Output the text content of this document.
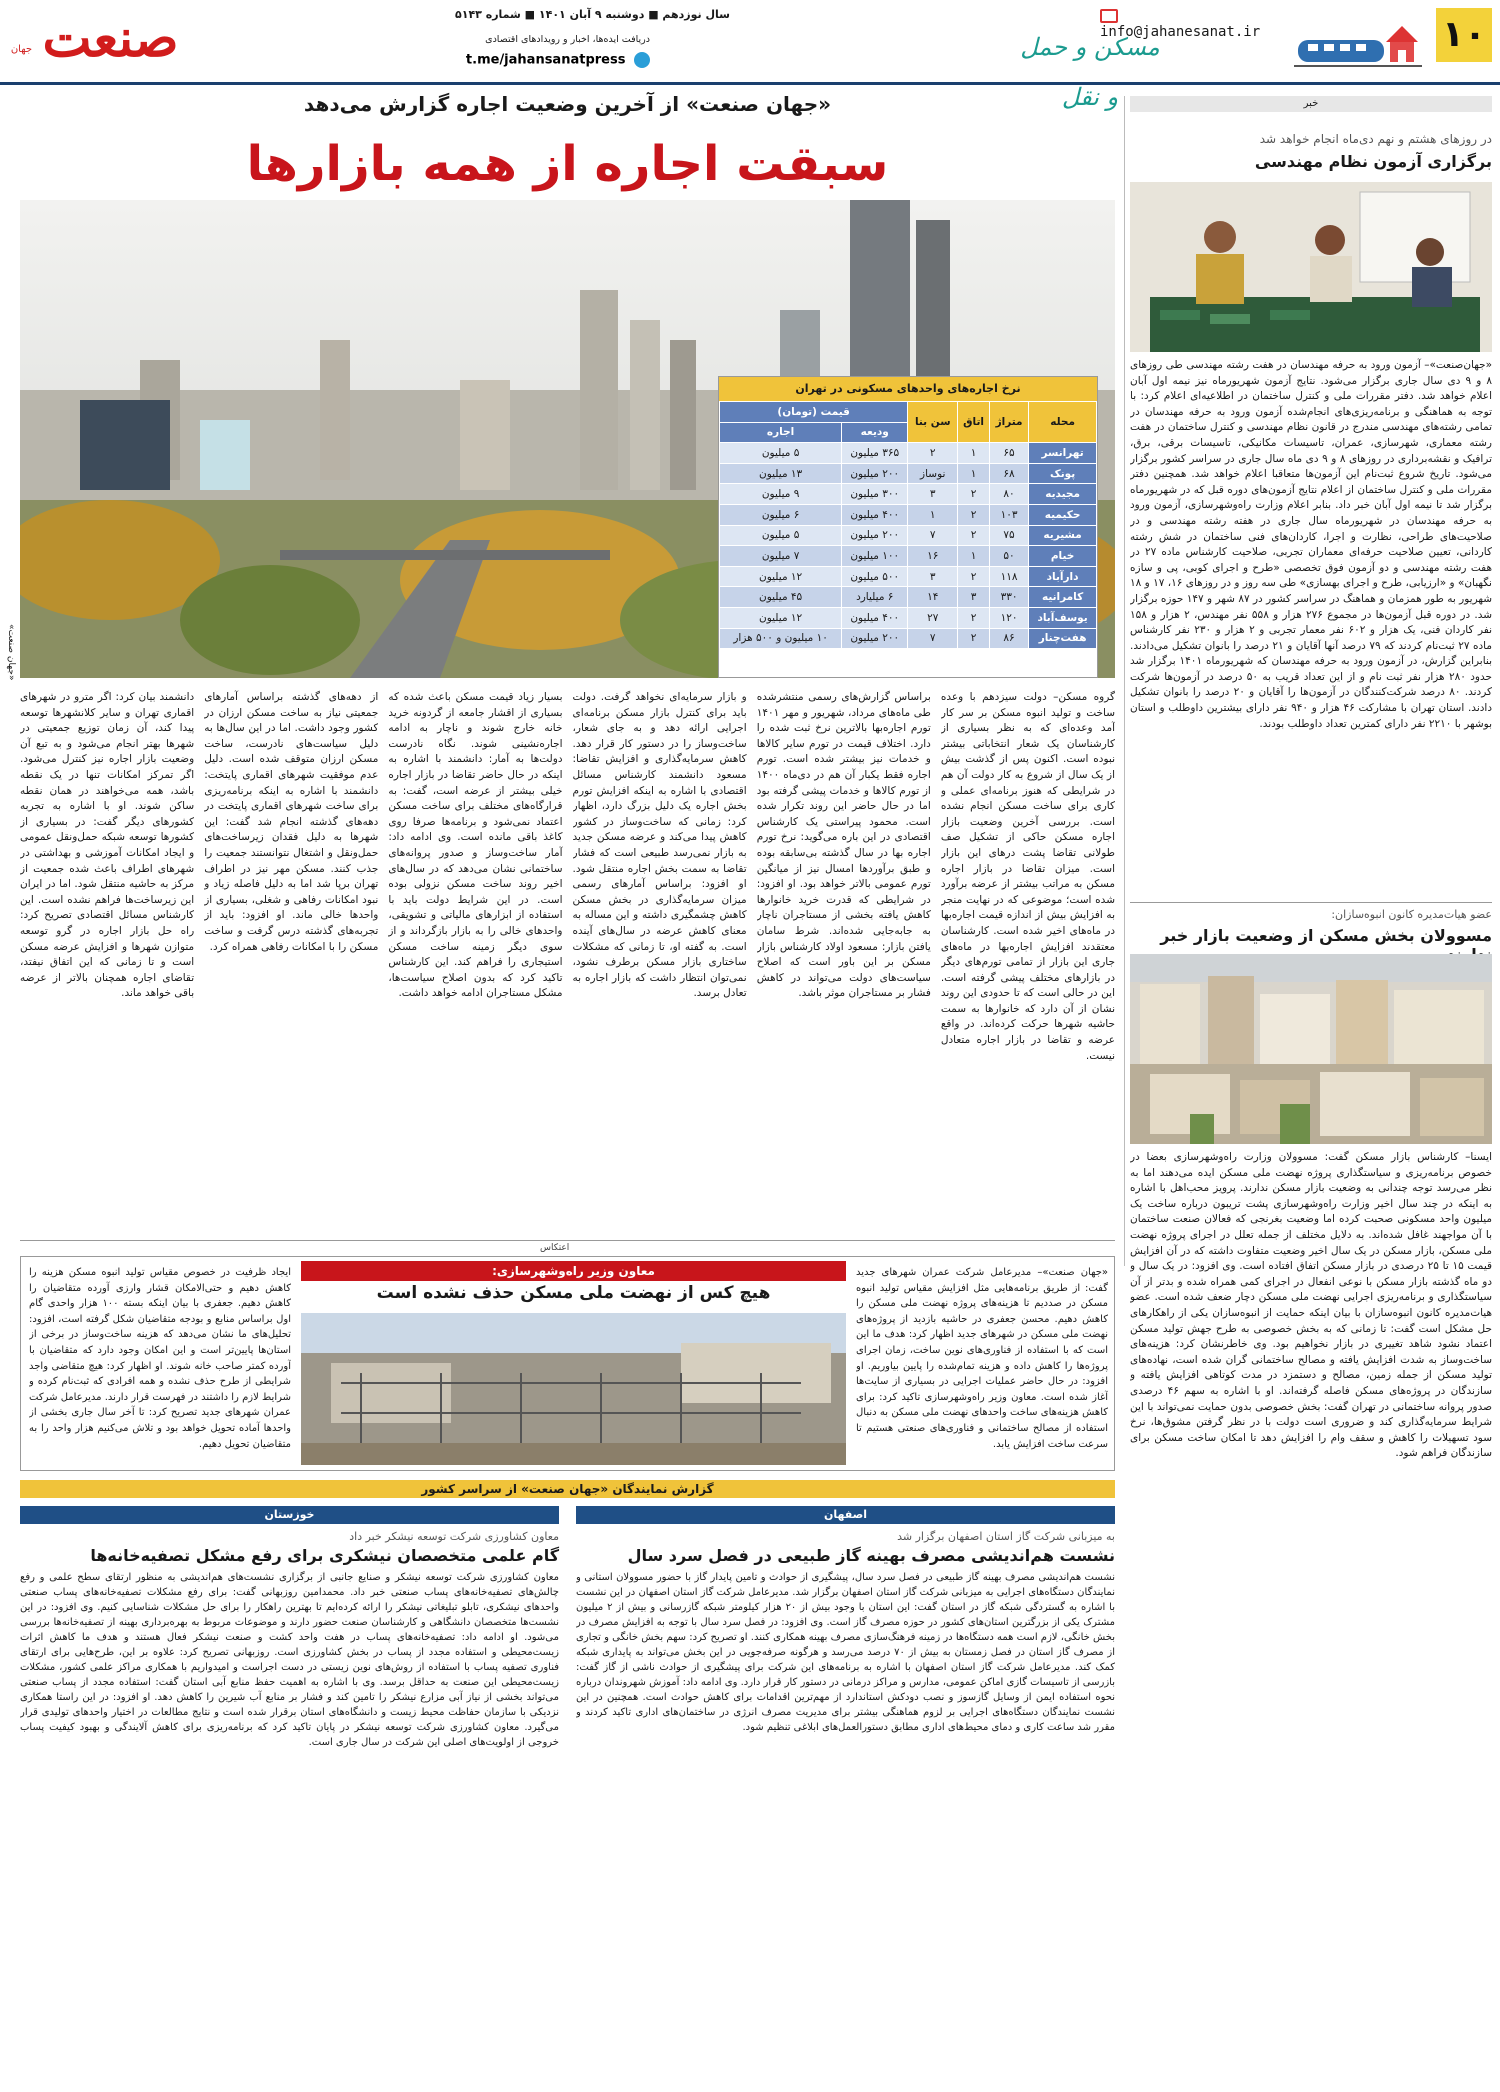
۱۰
info@jahanesanat.ir
مسکن و حمل و نقل
سال نوزدهم ■ دوشنبه ۹ آبان ۱۴۰۱ ■ شماره ۵۱۴۳
دریافت ایده‌ها، اخبار و رویدادهای اقتصادی
t.me/jahansanatpress
صنعت
جهان
خبر
در روزهای هشتم و نهم دی‌ماه انجام خواهد شد
برگزاری آزمون نظام مهندسی
«جهان‌صنعت»– آزمون ورود به حرفه مهندسان در هفت رشته مهندسی طی روزهای ۸ و ۹ دی سال جاری برگزار می‌شود. نتایج آزمون شهریورماه نیز نیمه اول آبان اعلام خواهد شد. دفتر مقررات ملی و کنترل ساختمان در اطلاعیه‌ای اعلام کرد: با توجه به هماهنگی و برنامه‌ریزی‌های انجام‌شده آزمون ورود به حرفه مهندسان در تمامی رشته‌های مهندسی مندرج در قانون نظام مهندسی و کنترل ساختمان در هفت رشته معماری، شهرسازی، عمران، تاسیسات مکانیکی، تاسیسات برقی، برق، ترافیک و نقشه‌برداری در روزهای ۸ و ۹ دی ماه سال جاری در سراسر کشور برگزار می‌شود. تاریخ شروع ثبت‌نام این آزمون‌ها متعاقبا اعلام خواهد شد. همچنین دفتر مقررات ملی و کنترل ساختمان از اعلام نتایج آزمون‌های دوره قبل که در شهریورماه برگزار شد تا نیمه اول آبان خبر داد. بنابر اعلام وزارت راه‌وشهرسازی، آزمون ورود به حرفه مهندسان در شهریورماه سال جاری در هفته رشته مهندسی و در صلاحیت‌های طراحی، نظارت و اجرا، کاردان‌های فنی ساختمان در شش رشته کاردانی، تعیین صلاحیت حرفه‌ای معماران تجربی، صلاحیت کارشناس ماده ۲۷ در هفت رشته مهندسی و دو آزمون فوق تخصصی «طرح و اجرای کوبی، پی و سازه نگهبان» و «ارزیابی، طرح و اجرای بهسازی» طی سه روز و در روزهای ۱۶، ۱۷ و ۱۸ شهریور به طور همزمان و هماهنگ در سراسر کشور در ۸۷ شهر و ۱۴۷ حوزه برگزار شد. در دوره قبل آزمون‌ها در مجموع ۲۷۶ هزار و ۵۵۸ نفر مهندس، ۲ هزار و ۱۵۸ نفر کاردان فنی، یک هزار و ۶۰۲ نفر معمار تجربی و ۲ هزار و ۲۳۰ نفر کارشناس ماده ۲۷ ثبت‌نام کردند که ۷۹ درصد آنها آقایان و ۲۱ درصد را بانوان تشکیل می‌دادند. بنابراین گزارش، در آزمون ورود به حرفه مهندسان که شهریورماه ۱۴۰۱ برگزار شد حدود ۲۸۰ هزار نفر ثبت نام و از این تعداد قریب به ۵۰ درصد در آزمون‌ها شرکت کردند. ۸۰ درصد شرکت‌کنندگان در آزمون‌ها را آقایان و ۲۰ درصد را بانوان تشکیل دادند. استان تهران با مشارکت ۴۶ هزار و ۹۴۰ نفر دارای بیشترین داوطلب و استان بوشهر با ۲۲۱۰ نفر دارای کمترین تعداد داوطلب بودند.
عضو هیات‌مدیره کانون انبوه‌سازان:
مسوولان بخش مسکن از وضعیت بازار خبر
ایسنا– کارشناس بازار مسکن گفت: مسوولان وزارت راه‌وشهرسازی بعضا در خصوص برنامه‌ریزی و سیاستگذاری پروژه نهضت ملی مسکن ایده می‌دهند اما به نظر می‌رسد توجه چندانی به وضعیت بازار مسکن ندارند. پرویز محب‌اهل با اشاره به اینکه در چند سال اخیر وزارت راه‌وشهرسازی پشت تریبون درباره ساخت یک میلیون واحد مسکونی صحبت کرده اما وضعیت بغرنجی که فعالان صنعت ساختمان با آن مواجهند غافل شده‌اند. به دلایل مختلف از جمله تعلل در اجرای پروژه نهضت ملی مسکن، بازار مسکن در یک سال اخیر وضعیت متفاوت داشته که در آن افزایش قیمت ۱۵ تا ۲۵ درصدی در بازار مسکن اتفاق افتاده است. وی افزود: در یک سال و دو ماه گذشته بازار مسکن با نوعی انفعال در اجرای کمی همراه شده و بدتر از آن سیاستگذاری و برنامه‌ریزی اجرایی نهضت ملی مسکن دچار ضعف شده است. عضو هیات‌مدیره کانون انبوه‌سازان با بیان اینکه حمایت از انبوه‌سازان یکی از راهکارهای حل مشکل است گفت: تا زمانی که به بخش خصوصی به طرح جهش تولید مسکن اعتماد نشود شاهد تغییری در بازار نخواهیم بود. وی خاطرنشان کرد: هزینه‌های ساخت‌وساز به شدت افزایش یافته و مصالح ساختمانی گران شده است، نهاده‌های تولید مسکن از جمله زمین، مصالح و دستمزد در مدت کوتاهی افزایش یافته و سازندگان در پروژه‌های مسکن فاصله گرفته‌اند. او با اشاره به سهم ۴۶ درصدی صدور پروانه ساختمانی در تهران گفت: بخش خصوصی بدون حمایت نمی‌تواند با این شرایط سرمایه‌گذاری کند و ضروری است دولت با در نظر گرفتن مشوق‌ها، نرخ سود تسهیلات را کاهش و سقف وام را افزایش دهد تا امکان ساخت مسکن برای سازندگان فراهم شود.
«جهان صنعت» از آخرین وضعیت اجاره گزارش می‌دهد
سبقت اجاره از همه بازارها
نرخ اجاره‌های واحدهای مسکونی در تهران
محله	متراژ	اتاق	سن بنا	قیمت (تومان)	
				ودیعه	اجاره
تهرانسر	۶۵	۱	۲	۳۶۵ میلیون	۵ میلیون
پونک	۶۸	۱	نوساز	۲۰۰ میلیون	۱۳ میلیون
مجیدیه	۸۰	۲	۳	۳۰۰ میلیون	۹ میلیون
حکیمیه	۱۰۳	۲	۱	۴۰۰ میلیون	۶ میلیون
مشیریه	۷۵	۲	۷	۲۰۰ میلیون	۵ میلیون
خیام	۵۰	۱	۱۶	۱۰۰ میلیون	۷ میلیون
دارآباد	۱۱۸	۲	۳	۵۰۰ میلیون	۱۲ میلیون
کامرانیه	۳۳۰	۳	۱۴	۶ میلیارد	۴۵ میلیون
یوسف‌آباد	۱۲۰	۲	۲۷	۴۰۰ میلیون	۱۲ میلیون
هفت‌چنار	۸۶	۲	۷	۲۰۰ میلیون	۱۰ میلیون و ۵۰۰ هزار
گروه مسکن– دولت سیزدهم با وعده ساخت و تولید انبوه مسکن بر سر کار آمد وعده‌ای که به نظر بسیاری از کارشناسان یک شعار انتخاباتی بیشتر نبوده است. اکنون پس از گذشت بیش از یک سال از شروع به کار دولت آن هم در شرایطی که هنوز برنامه‌ای عملی و کاری برای ساخت مسکن انجام نشده است. بررسی آخرین وضعیت بازار اجاره مسکن حاکی از تشکیل صف طولانی تقاضا پشت درهای این بازار است. میزان تقاضا در بازار اجاره مسکن به مراتب بیشتر از عرضه برآورد شده است؛ موضوعی که در نهایت منجر به افزایش بیش از اندازه قیمت اجاره‌بها در ماه‌های اخیر شده است. کارشناسان معتقدند افزایش اجاره‌بها در ماه‌های جاری این بازار از تمامی تورم‌های دیگر در بازارهای مختلف پیشی گرفته است. این در حالی است که تا حدودی این روند نشان از آن دارد که خانوارها به سمت حاشیه شهرها حرکت کرده‌اند. در واقع عرضه و تقاضا در بازار اجاره متعادل نیست.
براساس گزارش‌های رسمی منتشرشده طی ماه‌های مرداد، شهریور و مهر ۱۴۰۱ تورم اجاره‌بها بالاترین نرخ ثبت شده را دارد. اختلاف قیمت در تورم سایر کالاها و خدمات نیز بیشتر شده است. تورم اجاره فقط یکبار آن هم در دی‌ماه ۱۴۰۰ از تورم کالاها و خدمات پیشی گرفته بود اما در حال حاضر این روند تکرار شده است. محمود پیراستی یک کارشناس اقتصادی در این باره می‌گوید: نرخ تورم اجاره بها در سال گذشته بی‌سابقه بوده و طبق برآوردها امسال نیز از میانگین تورم عمومی بالاتر خواهد بود. او افزود: در شرایطی که قدرت خرید خانوارها کاهش یافته بخشی از مستاجران ناچار به جابه‌جایی شده‌اند. شرط سامان یافتن بازار: مسعود اولاد کارشناس بازار مسکن بر این باور است که اصلاح سیاست‌های دولت می‌تواند در کاهش فشار بر مستاجران موثر باشد.
و بازار سرمایه‌ای نخواهد گرفت. دولت باید برای کنترل بازار مسکن برنامه‌ای اجرایی ارائه دهد و به جای شعار، ساخت‌وساز را در دستور کار قرار دهد. کاهش سرمایه‌گذاری و افزایش تقاضا: مسعود دانشمند کارشناس مسائل اقتصادی با اشاره به اینکه افزایش تورم بخش اجاره یک دلیل بزرگ دارد، اظهار کرد: زمانی که ساخت‌وساز در کشور کاهش پیدا می‌کند و عرضه مسکن جدید به بازار نمی‌رسد طبیعی است که فشار تقاضا به سمت بخش اجاره منتقل شود. او افزود: براساس آمارهای رسمی میزان سرمایه‌گذاری در بخش مسکن کاهش چشمگیری داشته و این مساله به معنای کاهش عرضه در سال‌های آینده است. به گفته او، تا زمانی که مشکلات ساختاری بازار مسکن برطرف نشود، نمی‌توان انتظار داشت که بازار اجاره به تعادل برسد.
بسیار زیاد قیمت مسکن باعث شده که بسیاری از اقشار جامعه از گردونه خرید خانه خارج شوند و ناچار به ادامه اجاره‌نشینی شوند. نگاه نادرست دولت‌ها به آمار: دانشمند با اشاره به اینکه در حال حاضر تقاضا در بازار اجاره خیلی بیشتر از عرضه است، گفت: به قرارگاه‌های مختلف برای ساخت مسکن اعتماد نمی‌شود و برنامه‌ها صرفا روی کاغذ باقی مانده است. وی ادامه داد: آمار ساخت‌وساز و صدور پروانه‌های ساختمانی نشان می‌دهد که در سال‌های اخیر روند ساخت مسکن نزولی بوده است. در این شرایط دولت باید با استفاده از ابزارهای مالیاتی و تشویقی، واحدهای خالی را به بازار بازگرداند و از سوی دیگر زمینه ساخت مسکن استیجاری را فراهم کند. این کارشناس تاکید کرد که بدون اصلاح سیاست‌ها، مشکل مستاجران ادامه خواهد داشت.
از دهه‌های گذشته براساس آمارهای جمعیتی نیاز به ساخت مسکن ارزان در کشور وجود داشت. اما در این سال‌ها به دلیل سیاست‌های نادرست، ساخت مسکن ارزان متوقف شده است. دلیل عدم موفقیت شهرهای اقماری پایتخت: دانشمند با اشاره به اینکه برنامه‌ریزی برای ساخت شهرهای اقماری پایتخت در دهه‌های گذشته انجام شد گفت: این شهرها به دلیل فقدان زیرساخت‌های حمل‌ونقل و اشتغال نتوانستند جمعیت را جذب کنند. مسکن مهر نیز در اطراف تهران برپا شد اما به دلیل فاصله زیاد و نبود امکانات رفاهی و شغلی، بسیاری از واحدها خالی ماند. او افزود: باید از تجربه‌های گذشته درس گرفت و ساخت مسکن را با امکانات رفاهی همراه کرد.
دانشمند بیان کرد: اگر مترو در شهرهای اقماری تهران و سایر کلانشهرها توسعه پیدا کند، آن زمان توزیع جمعیتی در شهرها بهتر انجام می‌شود و به تبع آن وضعیت بازار اجاره نیز کنترل می‌شود. اگر تمرکز امکانات تنها در یک نقطه باشد، همه می‌خواهند در همان نقطه ساکن شوند. او با اشاره به تجربه کشورهای دیگر گفت: در بسیاری از کشورها توسعه شبکه حمل‌ونقل عمومی و ایجاد امکانات آموزشی و بهداشتی در شهرهای اطراف باعث شده جمعیت از مرکز به حاشیه منتقل شود. اما در ایران این زیرساخت‌ها فراهم نشده است. این کارشناس مسائل اقتصادی تصریح کرد: راه حل بازار اجاره در گرو توسعه متوازن شهرها و افزایش عرضه مسکن است و تا زمانی که این اتفاق نیفتد، تقاضای اجاره همچنان بالاتر از عرضه باقی خواهد ماند.
اعتکاس
ایجاد ظرفیت در خصوص مقیاس تولید انبوه مسکن هزینه را کاهش دهیم و حتی‌الامکان قشار وارزی آورده متقاضیان را کاهش دهیم. جعفری با بیان اینکه بسته ۱۰۰ هزار واحدی گام اول براساس منابع و بودجه متقاضیان شکل گرفته است، افزود: تحلیل‌های ما نشان می‌دهد که هزینه ساخت‌وساز در برخی از استان‌ها پایین‌تر است و این امکان وجود دارد که متقاضیان با آورده کمتر صاحب خانه شوند. او اظهار کرد: هیچ متقاضی واجد شرایطی از طرح حذف نشده و همه افرادی که ثبت‌نام کرده و شرایط لازم را داشتند در فهرست قرار دارند. مدیرعامل شرکت عمران شهرهای جدید تصریح کرد: تا آخر سال جاری بخشی از واحدها آماده تحویل خواهد بود و تلاش می‌کنیم هزار واحد را به متقاضیان تحویل دهیم.
معاون وزیر راه‌وشهرسازی:
هیچ کس از نهضت ملی مسکن حذف نشده است
«جهان صنعت»– مدیرعامل شرکت عمران شهرهای جدید گفت: از طریق برنامه‌هایی مثل افزایش مقیاس تولید انبوه مسکن در صددیم تا هزینه‌های پروژه نهضت ملی مسکن را کاهش دهیم. محسن جعفری در حاشیه بازدید از پروژه‌های نهضت ملی مسکن در شهرهای جدید اظهار کرد: هدف ما این است که با استفاده از فناوری‌های نوین ساخت، زمان اجرای پروژه‌ها را کاهش داده و هزینه تمام‌شده را پایین بیاوریم. او افزود: در حال حاضر عملیات اجرایی در بسیاری از سایت‌ها آغاز شده است. معاون وزیر راه‌وشهرسازی تاکید کرد: برای کاهش هزینه‌های ساخت واحدهای نهضت ملی مسکن به دنبال استفاده از مصالح ساختمانی و فناوری‌های صنعتی هستیم تا سرعت ساخت افزایش یابد.
گزارش نمایندگان «جهان صنعت» از سراسر کشور
اصفهان
به میزبانی شرکت گاز استان اصفهان برگزار شد
نشست هم‌اندیشی مصرف بهینه گاز طبیعی در فصل سرد سال
نشست هم‌اندیشی مصرف بهینه گاز طبیعی در فصل سرد سال، پیشگیری از حوادث و تامین پایدار گاز با حضور مسوولان استانی و نمایندگان دستگاه‌های اجرایی به میزبانی شرکت گاز استان اصفهان برگزار شد. مدیرعامل شرکت گاز استان اصفهان در این نشست با اشاره به گستردگی شبکه گاز در استان گفت: این استان با وجود بیش از ۲۰ هزار کیلومتر شبکه گازرسانی و بیش از ۲ میلیون مشترک یکی از بزرگترین استان‌های کشور در حوزه مصرف گاز است. وی افزود: در فصل سرد سال با توجه به افزایش مصرف در بخش خانگی، لازم است همه دستگاه‌ها در زمینه فرهنگ‌سازی مصرف بهینه همکاری کنند. او تصریح کرد: سهم بخش خانگی و تجاری از مصرف گاز استان در فصل زمستان به بیش از ۷۰ درصد می‌رسد و هرگونه صرفه‌جویی در این بخش می‌تواند به پایداری شبکه کمک کند. مدیرعامل شرکت گاز استان اصفهان با اشاره به برنامه‌های این شرکت برای پیشگیری از حوادث ناشی از گاز گفت: بازرسی از تاسیسات گازی اماکن عمومی، مدارس و مراکز درمانی در دستور کار قرار دارد. وی ادامه داد: آموزش شهروندان درباره نحوه استفاده ایمن از وسایل گازسوز و نصب دودکش استاندارد از مهم‌ترین اقدامات برای کاهش حوادث است. همچنین در این نشست نمایندگان دستگاه‌های اجرایی بر لزوم هماهنگی بیشتر برای مدیریت مصرف انرژی در ساختمان‌های اداری تاکید کردند و مقرر شد ساعت کاری و دمای محیط‌های اداری مطابق دستورالعمل‌های ابلاغی تنظیم شود.
خوزستان
معاون کشاورزی شرکت توسعه نیشکر خبر داد
گام علمی متخصصان نیشکری برای رفع مشکل تصفیه‌خانه‌ها
معاون کشاورزی شرکت توسعه نیشکر و صنایع جانبی از برگزاری نشست‌های هم‌اندیشی به منظور ارتقای سطح علمی و رفع چالش‌های تصفیه‌خانه‌های پساب صنعتی خبر داد. محمدامین روزبهانی گفت: برای رفع مشکلات تصفیه‌خانه‌های پساب صنعتی واحدهای نیشکری، تابلو تبلیغاتی نیشکر را ارائه کرده‌ایم تا بهترین راهکار را برای حل مشکلات شناسایی کنیم. وی افزود: در این نشست‌ها متخصصان دانشگاهی و کارشناسان صنعت حضور دارند و موضوعات مربوط به بهره‌برداری بهینه از تصفیه‌خانه‌ها بررسی می‌شود. او ادامه داد: تصفیه‌خانه‌های پساب در هفت واحد کشت و صنعت نیشکر فعال هستند و هدف ما کاهش اثرات زیست‌محیطی و استفاده مجدد از پساب در بخش کشاورزی است. روزبهانی تصریح کرد: علاوه بر این، طرح‌هایی برای ارتقای فناوری تصفیه پساب با استفاده از روش‌های نوین زیستی در دست اجراست و امیدواریم با همکاری مراکز علمی کشور، مشکلات زیست‌محیطی این صنعت به حداقل برسد. وی با اشاره به اهمیت حفظ منابع آبی استان گفت: استفاده مجدد از پساب صنعتی می‌تواند بخشی از نیاز آبی مزارع نیشکر را تامین کند و فشار بر منابع آب شیرین را کاهش دهد. او افزود: در این راستا همکاری نزدیکی با سازمان حفاظت محیط زیست و دانشگاه‌های استان برقرار شده است و نتایج مطالعات در اختیار واحدهای تولیدی قرار می‌گیرد. معاون کشاورزی شرکت توسعه نیشکر در پایان تاکید کرد که برنامه‌ریزی برای کاهش آلایندگی و بهبود کیفیت پساب خروجی از اولویت‌های اصلی این شرکت در سال جاری است.
«جهان صنعت»
